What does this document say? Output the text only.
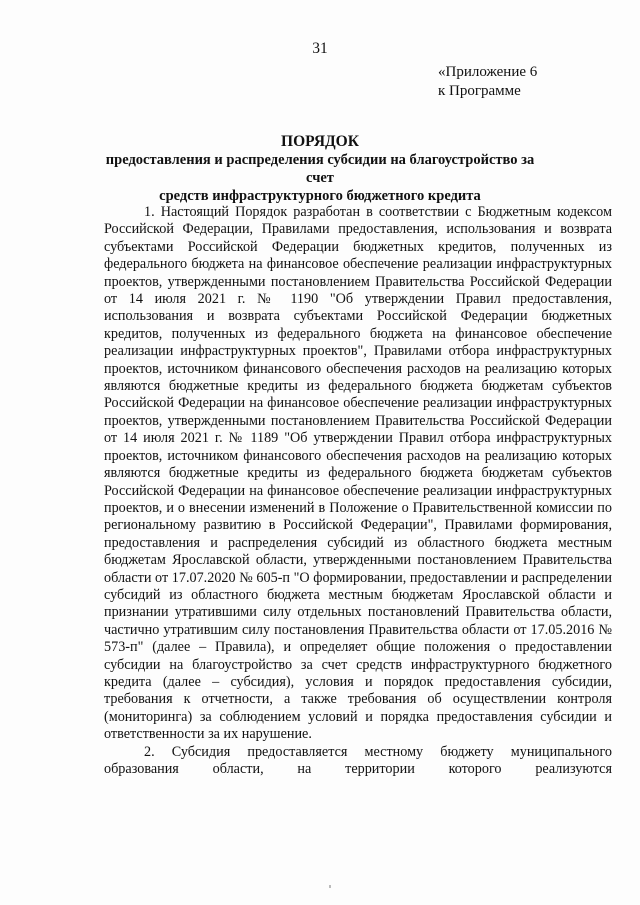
31
«Приложение 6
к Программе
ПОРЯДОК
предоставления и распределения субсидии на благоустройство за счет
средств инфраструктурного бюджетного кредита

1. Настоящий Порядок разработан в соответствии с Бюджетным кодексом Российской Федерации, Правилами предоставления, использования и возврата субъектами Российской Федерации бюджетных кредитов, полученных из федерального бюджета на финансовое обеспечение реализации инфраструктурных проектов, утвержденными постановлением Правительства Российской Федерации от 14 июля 2021 г. № 1190 "Об утверждении Правил предоставления, использования и возврата субъектами Российской Федерации бюджетных кредитов, полученных из федерального бюджета на финансовое обеспечение реализации инфраструктурных проектов", Правилами отбора инфраструктурных проектов, источником финансового обеспечения расходов на реализацию которых являются бюджетные кредиты из федерального бюджета бюджетам субъектов Российской Федерации на финансовое обеспечение реализации инфраструктурных проектов, утвержденными постановлением Правительства Российской Федерации от 14 июля 2021 г. № 1189 "Об утверждении Правил отбора инфраструктурных проектов, источником финансового обеспечения расходов на реализацию которых являются бюджетные кредиты из федерального бюджета бюджетам субъектов Российской Федерации на финансовое обеспечение реализации инфраструктурных проектов, и о внесении изменений в Положение о Правительственной комиссии по региональному развитию в Российской Федерации", Правилами формирования, предоставления и распределения субсидий из областного бюджета местным бюджетам Ярославской области, утвержденными постановлением Правительства области от 17.07.2020 № 605-п "О формировании, предоставлении и распределении субсидий из областного бюджета местным бюджетам Ярославской области и признании утратившими силу отдельных постановлений Правительства области, частично утратившим силу постановления Правительства области от 17.05.2016 № 573-п" (далее – Правила), и определяет общие положения о предоставлении субсидии на благоустройство за счет средств инфраструктурного бюджетного кредита (далее – субсидия), условия и порядок предоставления субсидии, требования к отчетности, а также требования об осуществлении контроля (мониторинга) за соблюдением условий и порядка предоставления субсидии и ответственности за их нарушение.

2. Субсидия предоставляется местному бюджету муниципального образования области, на территории которого реализуются
